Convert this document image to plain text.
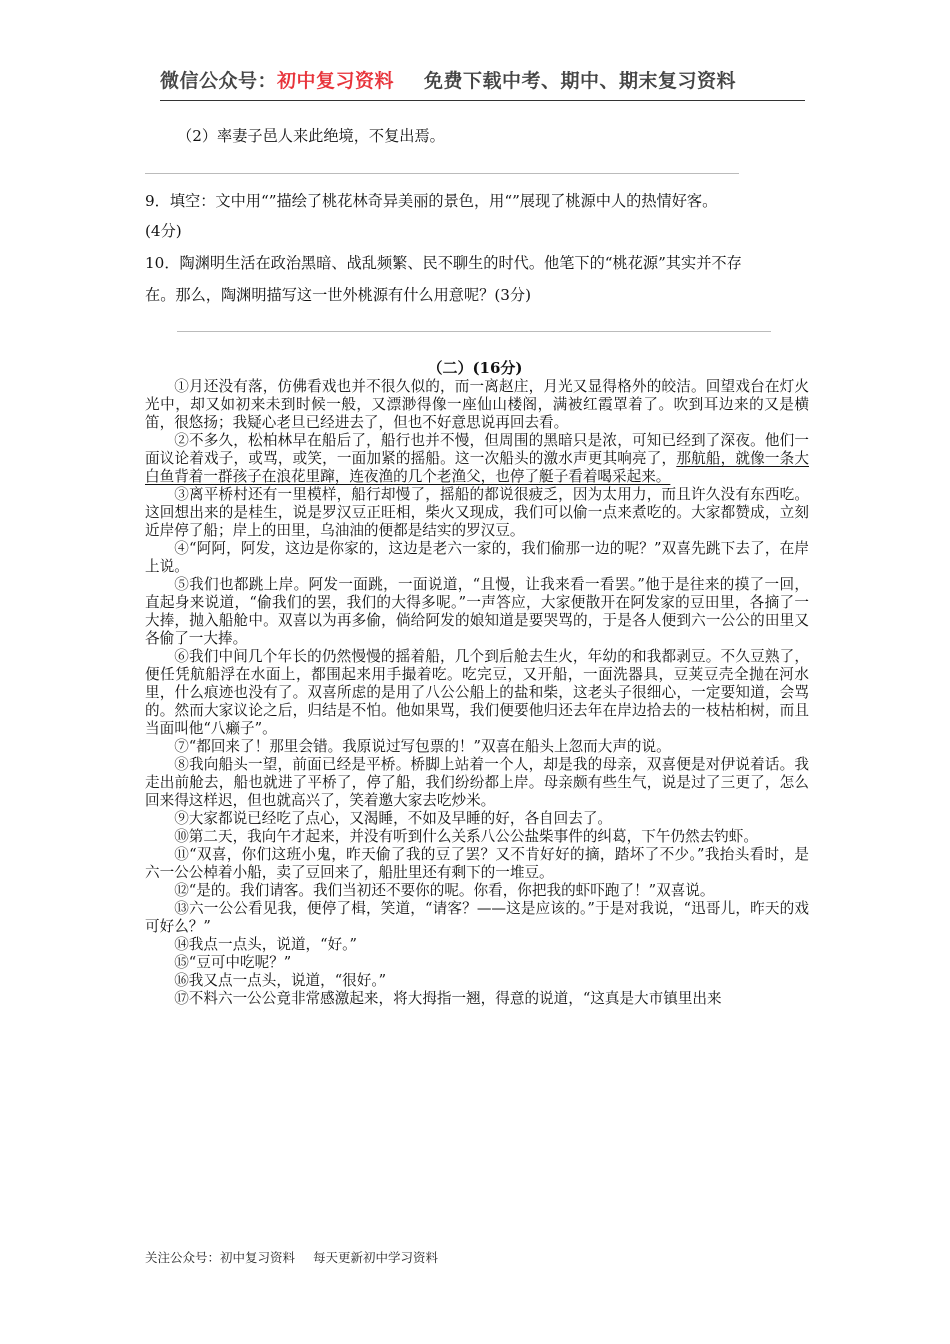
微信公众号：初中复习资料 免费下载中考、期中、期末复习资料
（2）率妻子邑人来此绝境，不复出焉。
9．填空：文中用“”描绘了桃花林奇异美丽的景色，用“”展现了桃源中人的热情好客。
(4分)
10．陶渊明生活在政治黑暗、战乱频繁、民不聊生的时代。他笔下的“桃花源”其实并不存
在。那么，陶渊明描写这一世外桃源有什么用意呢？(3分)
（二）(16分)

①月还没有落，仿佛看戏也并不很久似的，而一离赵庄，月光又显得格外的皎洁。回望戏台在灯火光中，却又如初来未到时候一般，又漂渺得像一座仙山楼阁，满被红霞罩着了。吹到耳边来的又是横笛，很悠扬；我疑心老旦已经进去了，但也不好意思说再回去看。

②不多久，松柏林早在船后了，船行也并不慢，但周围的黑暗只是浓，可知已经到了深夜。他们一面议论着戏子，或骂，或笑，一面加紧的摇船。这一次船头的激水声更其响亮了，那航船，就像一条大白鱼背着一群孩子在浪花里蹿，连夜渔的几个老渔父，也停了艇子看着喝采起来。

③离平桥村还有一里模样，船行却慢了，摇船的都说很疲乏，因为太用力，而且许久没有东西吃。这回想出来的是桂生，说是罗汉豆正旺相，柴火又现成，我们可以偷一点来煮吃的。大家都赞成，立刻近岸停了船；岸上的田里，乌油油的便都是结实的罗汉豆。

④“阿阿，阿发，这边是你家的，这边是老六一家的，我们偷那一边的呢？”双喜先跳下去了，在岸上说。

⑤我们也都跳上岸。阿发一面跳，一面说道，“且慢，让我来看一看罢。”他于是往来的摸了一回，直起身来说道，“偷我们的罢，我们的大得多呢。”一声答应，大家便散开在阿发家的豆田里，各摘了一大捧，抛入船舱中。双喜以为再多偷，倘给阿发的娘知道是要哭骂的，于是各人便到六一公公的田里又各偷了一大捧。

⑥我们中间几个年长的仍然慢慢的摇着船，几个到后舱去生火，年幼的和我都剥豆。不久豆熟了，便任凭航船浮在水面上，都围起来用手撮着吃。吃完豆，又开船，一面洗器具，豆荚豆壳全抛在河水里，什么痕迹也没有了。双喜所虑的是用了八公公船上的盐和柴，这老头子很细心，一定要知道，会骂的。然而大家议论之后，归结是不怕。他如果骂，我们便要他归还去年在岸边拾去的一枝枯桕树，而且当面叫他“八癞子”。

⑦“都回来了！那里会错。我原说过写包票的！”双喜在船头上忽而大声的说。

⑧我向船头一望，前面已经是平桥。桥脚上站着一个人，却是我的母亲，双喜便是对伊说着话。我走出前舱去，船也就进了平桥了，停了船，我们纷纷都上岸。母亲颇有些生气，说是过了三更了，怎么回来得这样迟，但也就高兴了，笑着邀大家去吃炒米。

⑨大家都说已经吃了点心，又渴睡，不如及早睡的好，各自回去了。

⑩第二天，我向午才起来，并没有听到什么关系八公公盐柴事件的纠葛，下午仍然去钓虾。

⑪“双喜，你们这班小鬼，昨天偷了我的豆了罢？又不肯好好的摘，踏坏了不少。”我抬头看时，是六一公公棹着小船，卖了豆回来了，船肚里还有剩下的一堆豆。

⑫“是的。我们请客。我们当初还不要你的呢。你看，你把我的虾吓跑了！”双喜说。

⑬六一公公看见我，便停了楫，笑道，“请客？——这是应该的。”于是对我说，“迅哥儿，昨天的戏可好么？”

⑭我点一点头，说道，“好。”

⑮“豆可中吃呢？”

⑯我又点一点头，说道，“很好。”

⑰不料六一公公竟非常感激起来，将大拇指一翘，得意的说道，“这真是大市镇里出来

关注公众号：初中复习资料 每天更新初中学习资料
